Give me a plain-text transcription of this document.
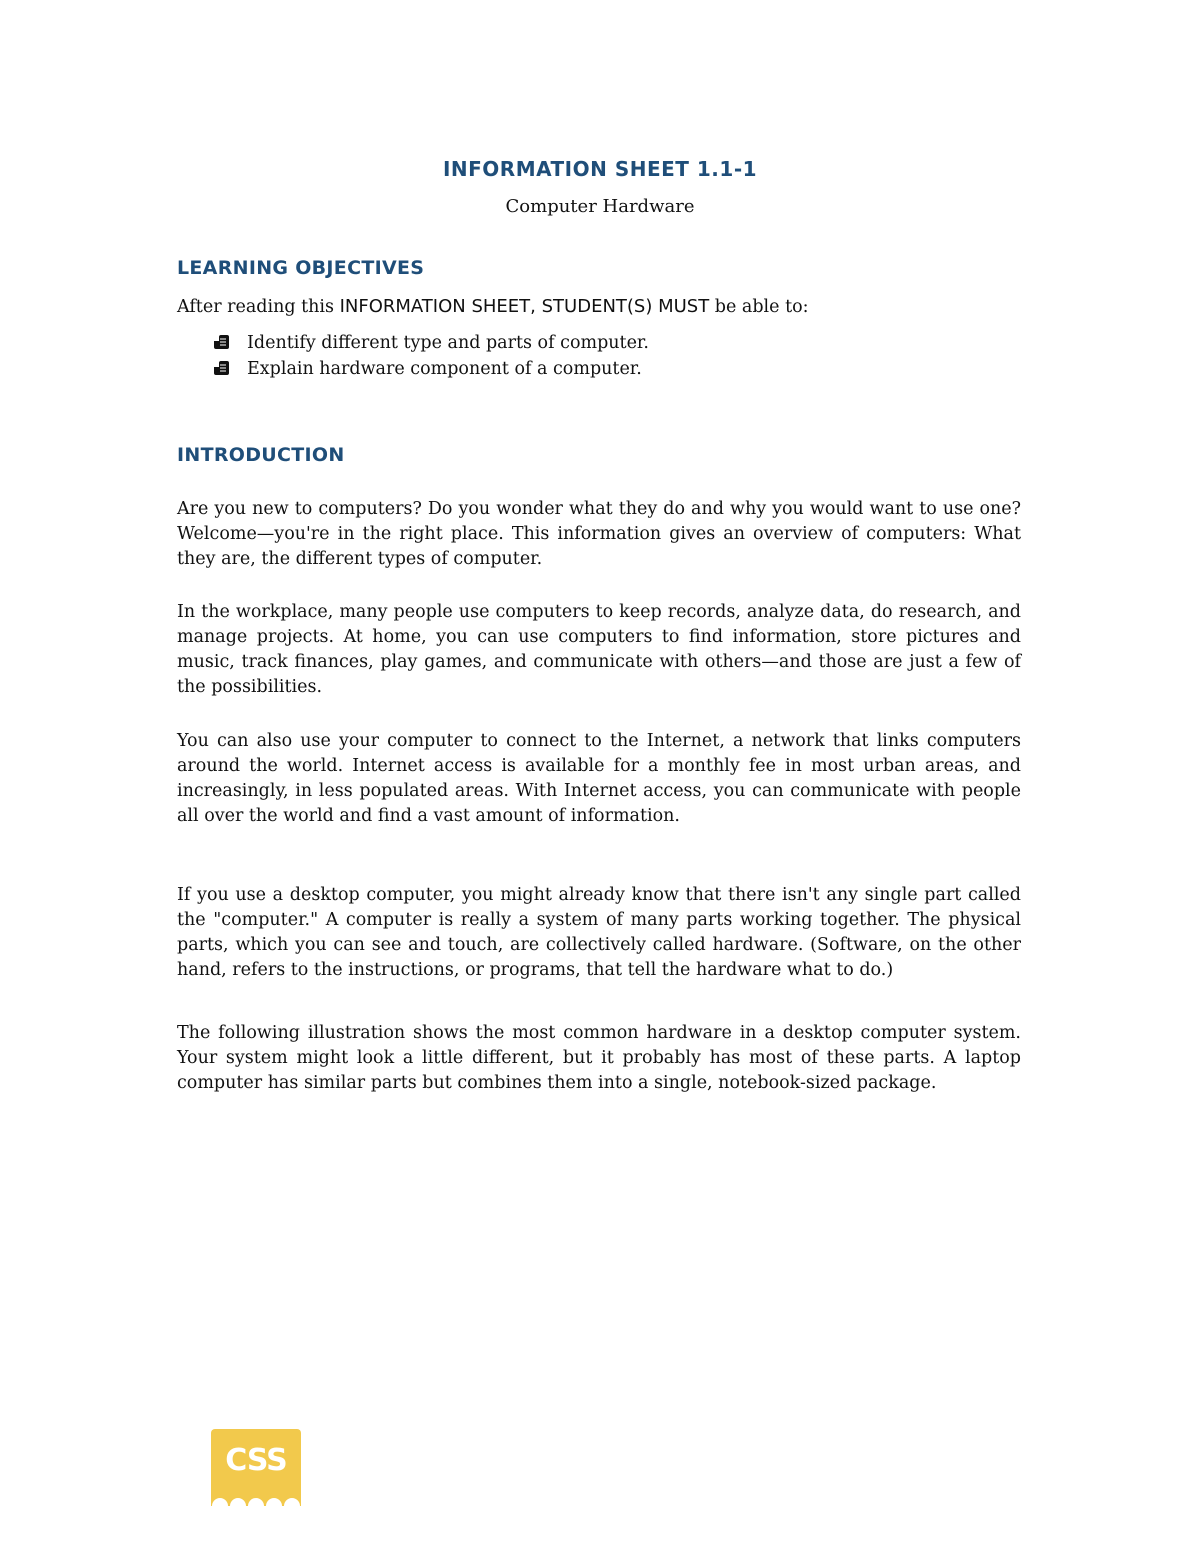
INFORMATION SHEET 1.1-1

Computer Hardware

LEARNING OBJECTIVES

After reading this INFORMATION SHEET, STUDENT(S) MUST be able to:

Identify different type and parts of computer.
Explain hardware component of a computer.
INTRODUCTION

Are you new to computers? Do you wonder what they do and why you would want to use one? Welcome—you're in the right place. This information gives an overview of computers: What they are, the different types of computer.

In the workplace, many people use computers to keep records, analyze data, do research, and manage projects. At home, you can use computers to find information, store pictures and music, track finances, play games, and communicate with others—and those are just a few of the possibilities.

You can also use your computer to connect to the Internet, a network that links computers around the world. Internet access is available for a monthly fee in most urban areas, and increasingly, in less populated areas. With Internet access, you can communicate with people all over the world and find a vast amount of information.

If you use a desktop computer, you might already know that there isn't any single part called the "computer." A computer is really a system of many parts working together. The physical parts, which you can see and touch, are collectively called hardware. (Software, on the other hand, refers to the instructions, or programs, that tell the hardware what to do.)

The following illustration shows the most common hardware in a desktop computer system. Your system might look a little different, but it probably has most of these parts. A laptop computer has similar parts but combines them into a single, notebook-sized package.

CSS
